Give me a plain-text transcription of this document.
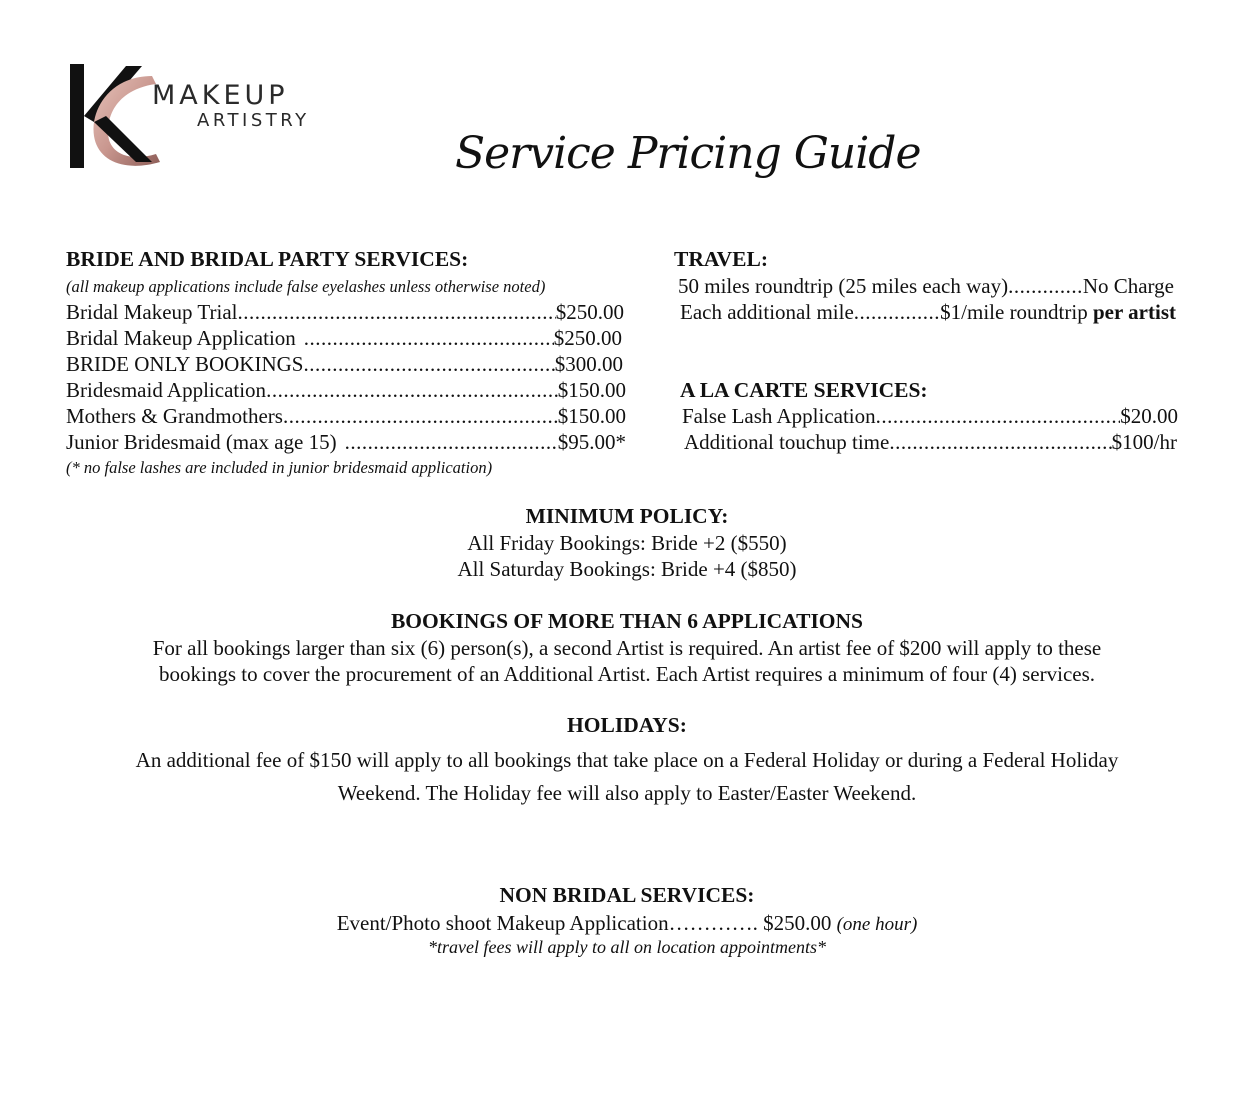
MAKEUP
ARTISTRY
Service Pricing Guide
BRIDE AND BRIDAL PARTY SERVICES:
(all makeup applications include false eyelashes unless otherwise noted)
Bridal Makeup Trial .....	$250.00
Bridal Makeup Application .....	$250.00
BRIDE ONLY BOOKINGS .....	$300.00
Bridesmaid Application .....	$150.00
Mothers & Grandmothers .....	$150.00
Junior Bridesmaid (max age 15) .....	$95.00*
(* no false lashes are included in junior bridesmaid application)
TRAVEL:
50 miles roundtrip (25 miles each way) .....	No Charge
Each additional mile .....	$1/mile roundtrip
per artist
A LA CARTE SERVICES:
False Lash Application .....	$20.00
Additional touchup time .....	$100/hr
MINIMUM POLICY:
All Friday Bookings: Bride +2 ($550)
All Saturday Bookings: Bride +4 ($850)
BOOKINGS OF MORE THAN 6 APPLICATIONS
For all bookings larger than six (6) person(s), a second Artist is required. An artist fee of $200 will apply to these
bookings to cover the procurement of an Additional Artist. Each Artist requires a minimum of four (4) services.
HOLIDAYS:
An additional fee of $150 will apply to all bookings that take place on a Federal Holiday or during a Federal Holiday
Weekend. The Holiday fee will also apply to Easter/Easter Weekend.
NON BRIDAL SERVICES:
Event/Photo shoot Makeup Application…………. $250.00 (one hour)
*travel fees will apply to all on location appointments*
